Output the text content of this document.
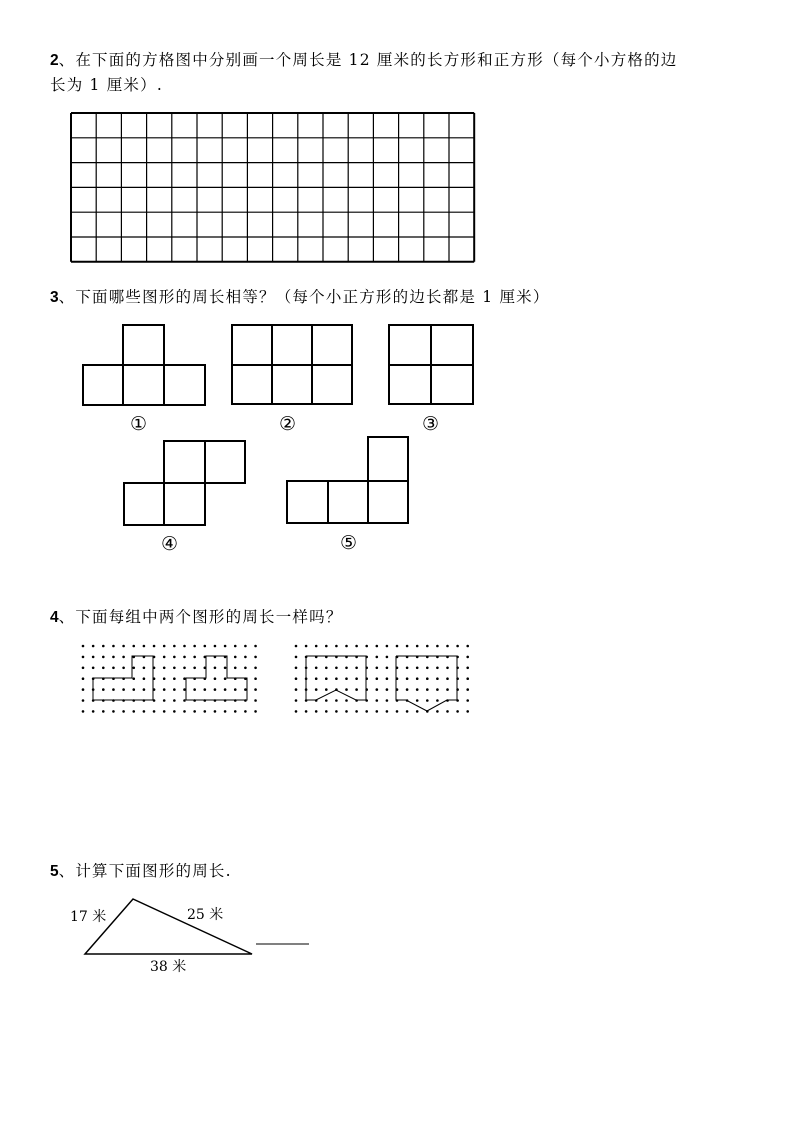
2、在下面的方格图中分别画一个周长是 12 厘米的长方形和正方形（每个小方格的边
长为 1 厘米）.
3、下面哪些图形的周长相等？（每个小正方形的边长都是 1 厘米）
①	②	③
④	⑤
4、下面每组中两个图形的周长一样吗？
5、计算下面图形的周长.
17 米	25 米
38 米
